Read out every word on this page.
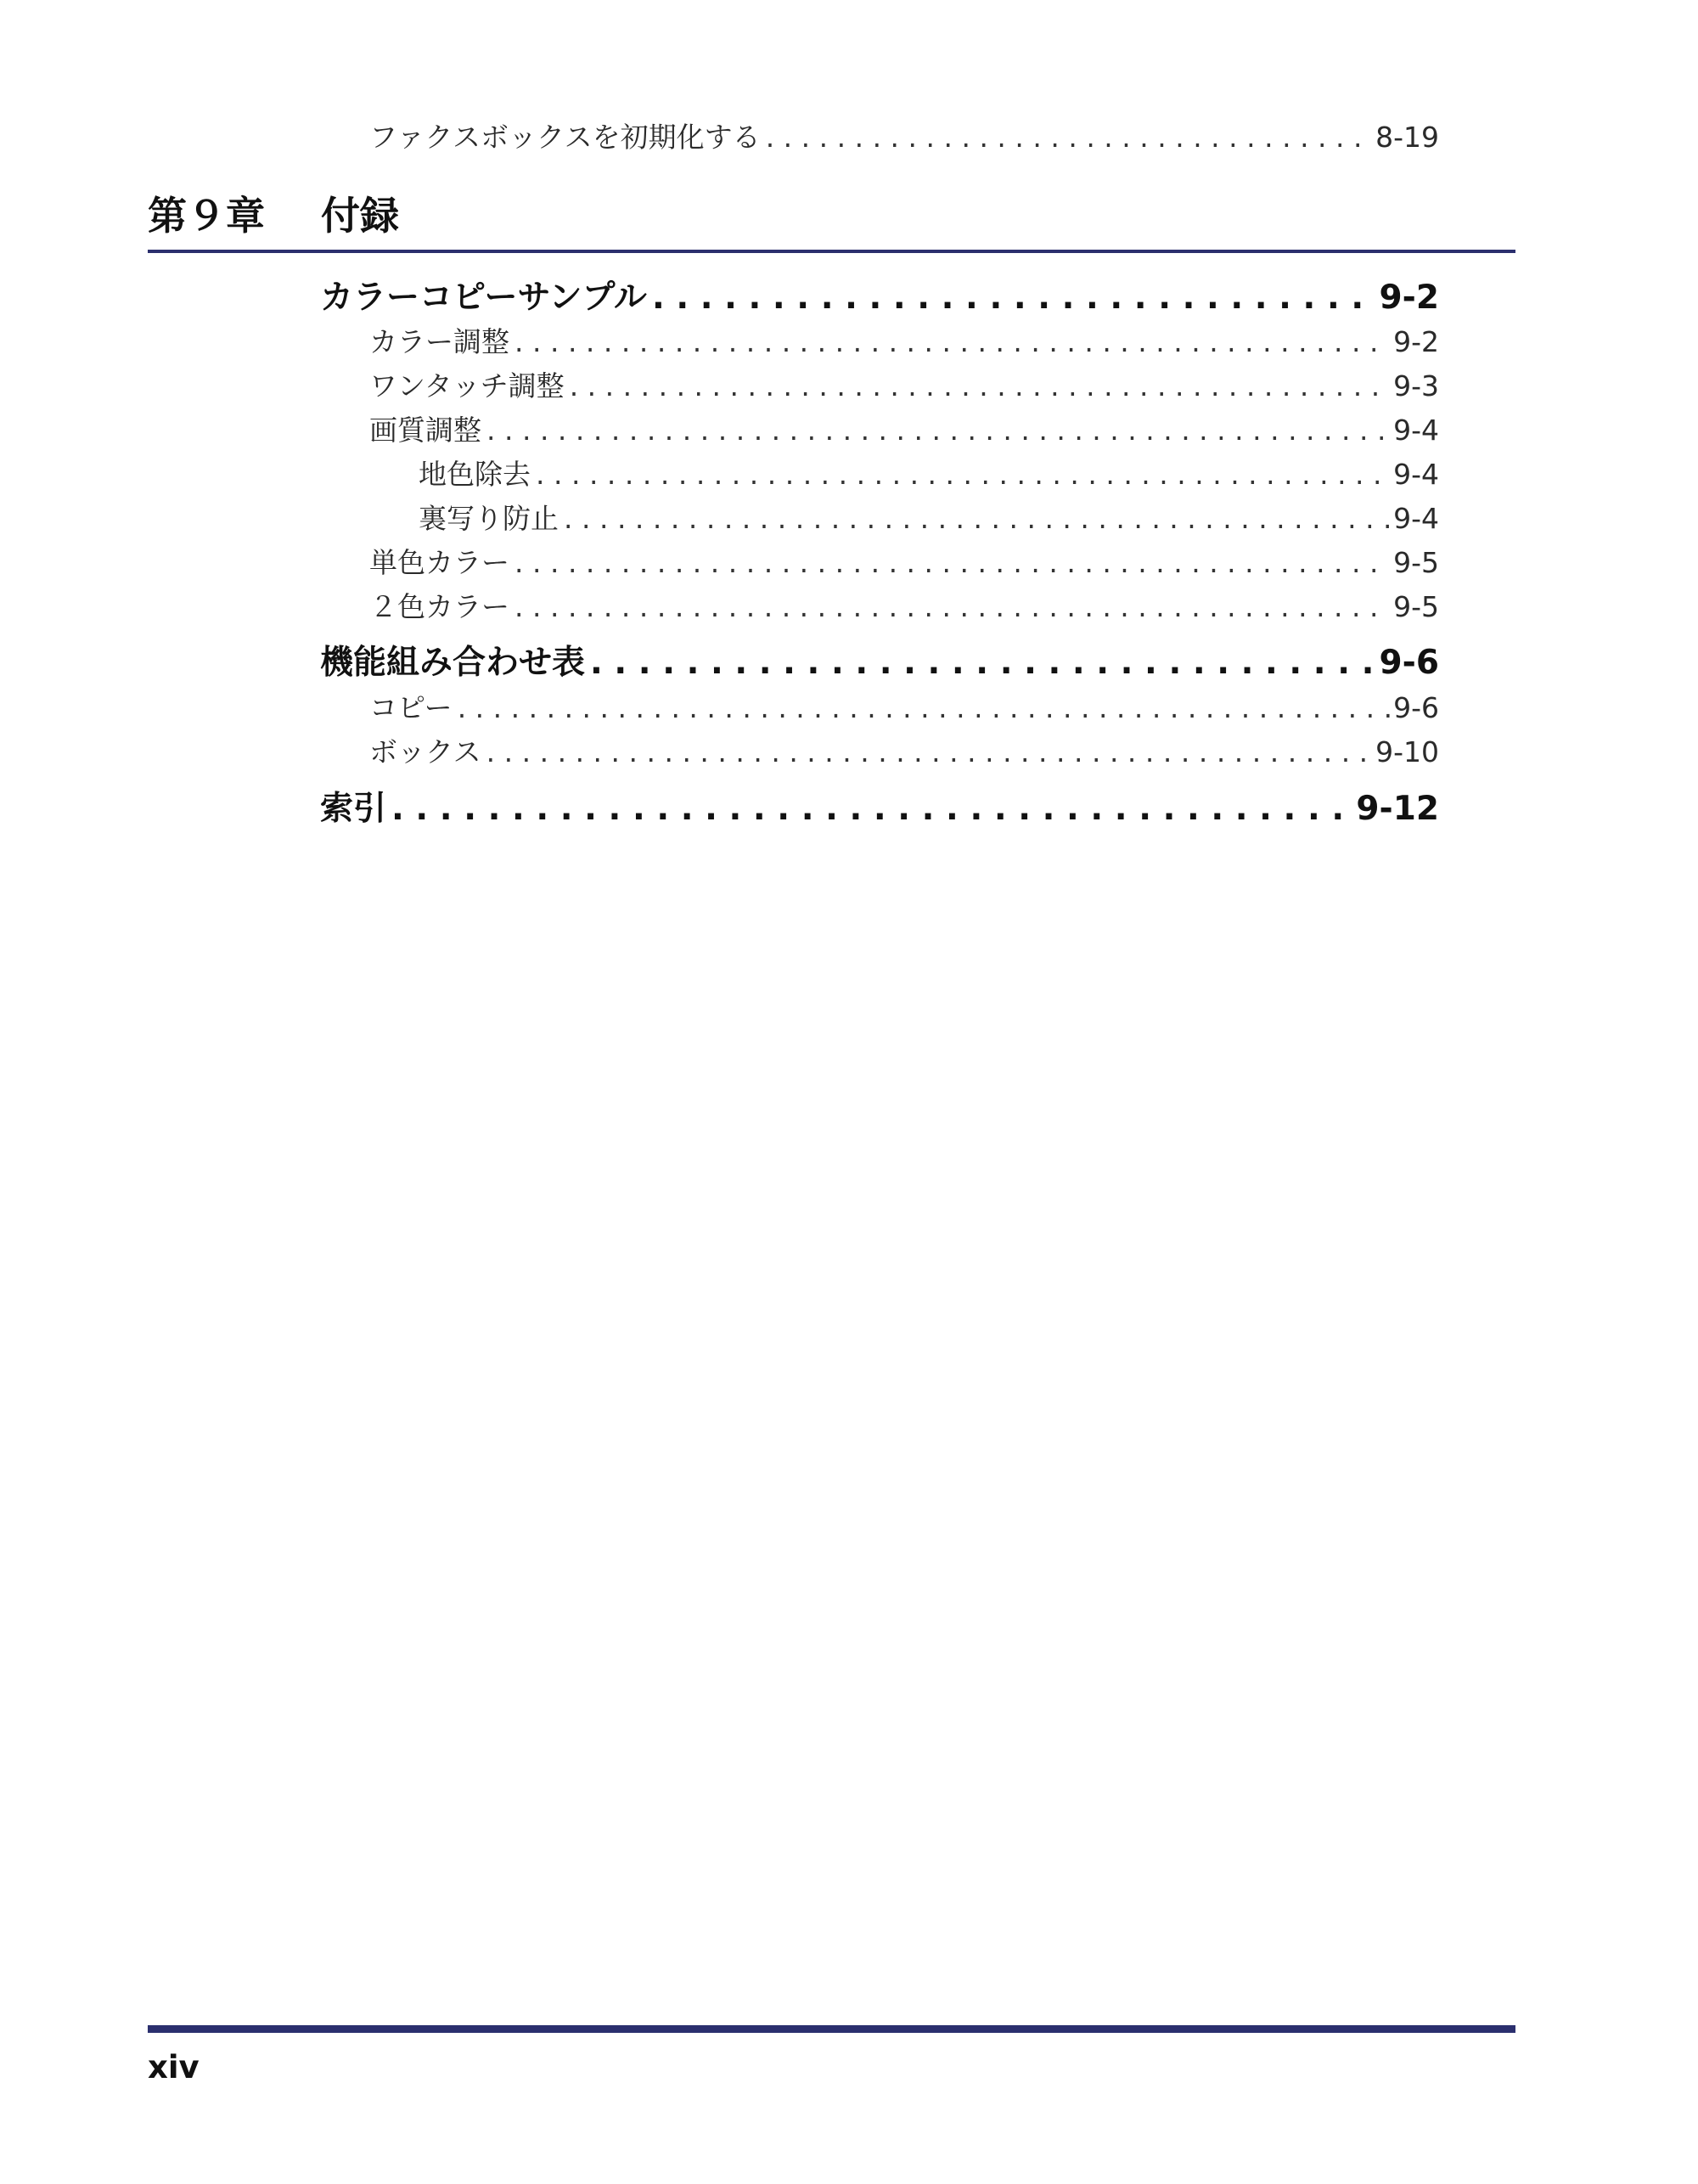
ファクスボックスを初期化する . . .	8-19
第９章 付録
カラーコピーサンプル . . .	9-2
カラー調整 . . .	9-2
ワンタッチ調整 . . .	9-3
画質調整 . . .	9-4
地色除去 . . .	9-4
裏写り防止 . . .	9-4
単色カラー . . .	9-5
２色カラー . . .	9-5
機能組み合わせ表 . . .	9-6
コピー . . .	9-6
ボックス . . .	9-10
索引 . . .	9-12
xiv
